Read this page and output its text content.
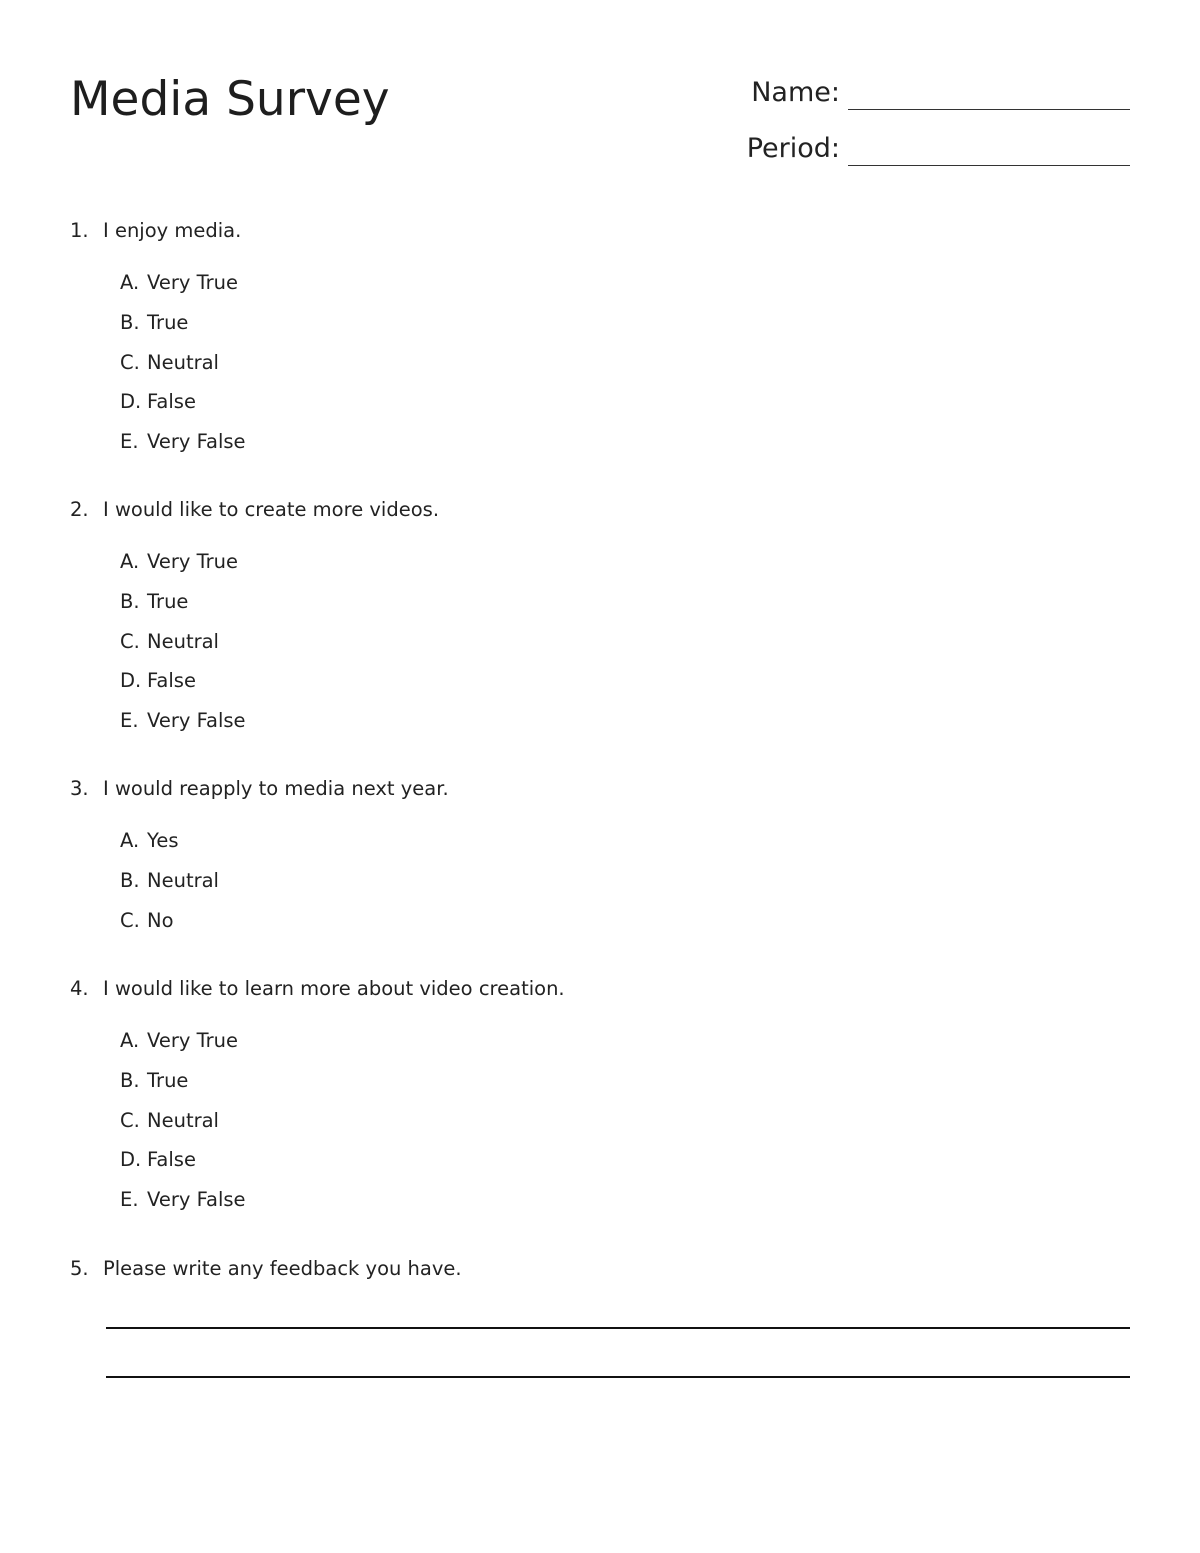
Media Survey	Name:
Period:
1. I enjoy media.
A. Very True
B. True
C. Neutral
D. False
E. Very False
2. I would like to create more videos.
A. Very True
B. True
C. Neutral
D. False
E. Very False
3. I would reapply to media next year.
A. Yes
B. Neutral
C. No
4. I would like to learn more about video creation.
A. Very True
B. True
C. Neutral
D. False
E. Very False
5. Please write any feedback you have.
